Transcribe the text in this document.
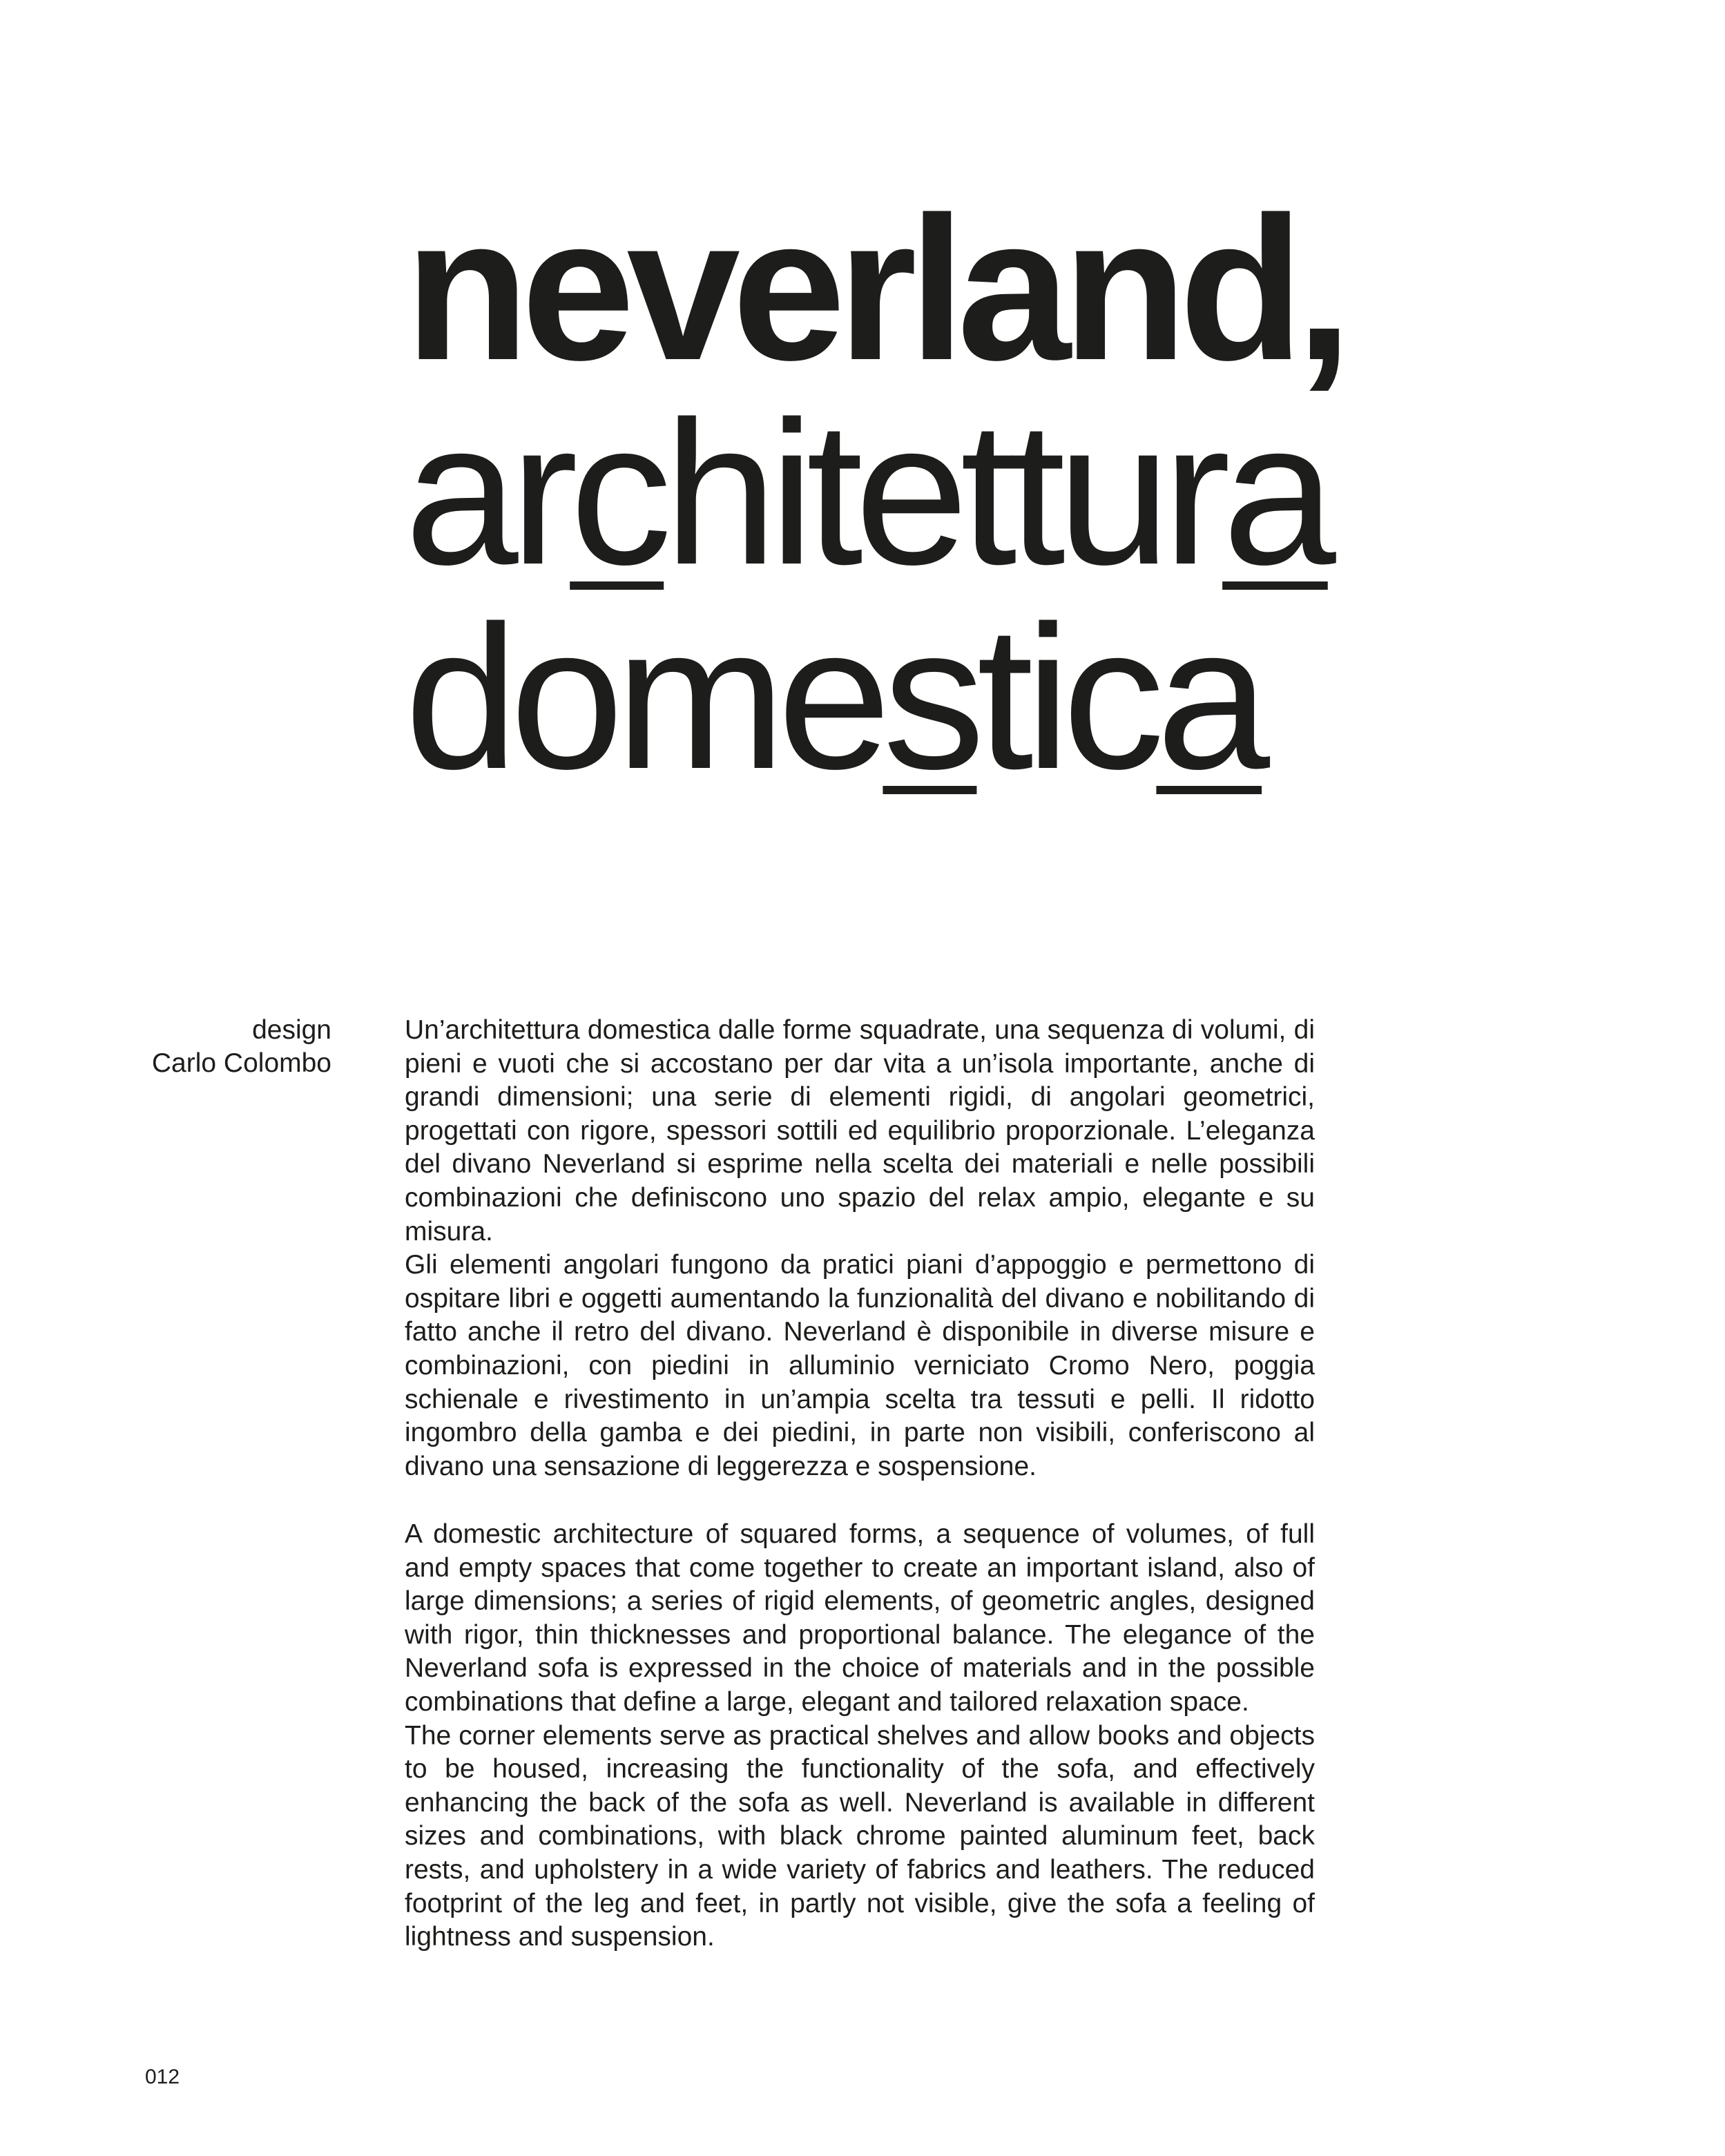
neverland,
architettura
domestica
design
Carlo Colombo

Un’architettura domestica dalle forme squadrate, una sequenza di volumi, di pieni e vuoti che si accostano per dar vita a un’isola importante, anche di grandi dimensioni; una serie di elementi rigidi, di angolari geometrici, progettati con rigore, spessori sottili ed equilibrio proporzionale. L’eleganza del divano Neverland si esprime nella scelta dei materiali e nelle possibili combinazioni che definiscono uno spazio del relax ampio, elegante e su misura.

Gli elementi angolari fungono da pratici piani d’appoggio e permettono di ospitare libri e oggetti aumentando la funzionalità del divano e nobilitando di fatto anche il retro del divano. Neverland è disponibile in diverse misure e combinazioni, con piedini in alluminio verniciato Cromo Nero, poggia schienale e rivestimento in un’ampia scelta tra tessuti e pelli. Il ridotto ingombro della gamba e dei piedini, in parte non visibili, conferiscono al divano una sensazione di leggerezza e sospensione.

A domestic architecture of squared forms, a sequence of volumes, of full and empty spaces that come together to create an important island, also of large dimensions; a series of rigid elements, of geometric angles, designed with rigor, thin thicknesses and proportional balance. The elegance of the Neverland sofa is expressed in the choice of materials and in the possible combinations that define a large, elegant and tailored relaxation space.

The corner elements serve as practical shelves and allow books and objects to be housed, increasing the functionality of the sofa, and effectively enhancing the back of the sofa as well. Neverland is available in different sizes and combinations, with black chrome painted aluminum feet, back rests, and upholstery in a wide variety of fabrics and leathers. The reduced footprint of the leg and feet, in partly not visible, give the sofa a feeling of lightness and suspension.

012
